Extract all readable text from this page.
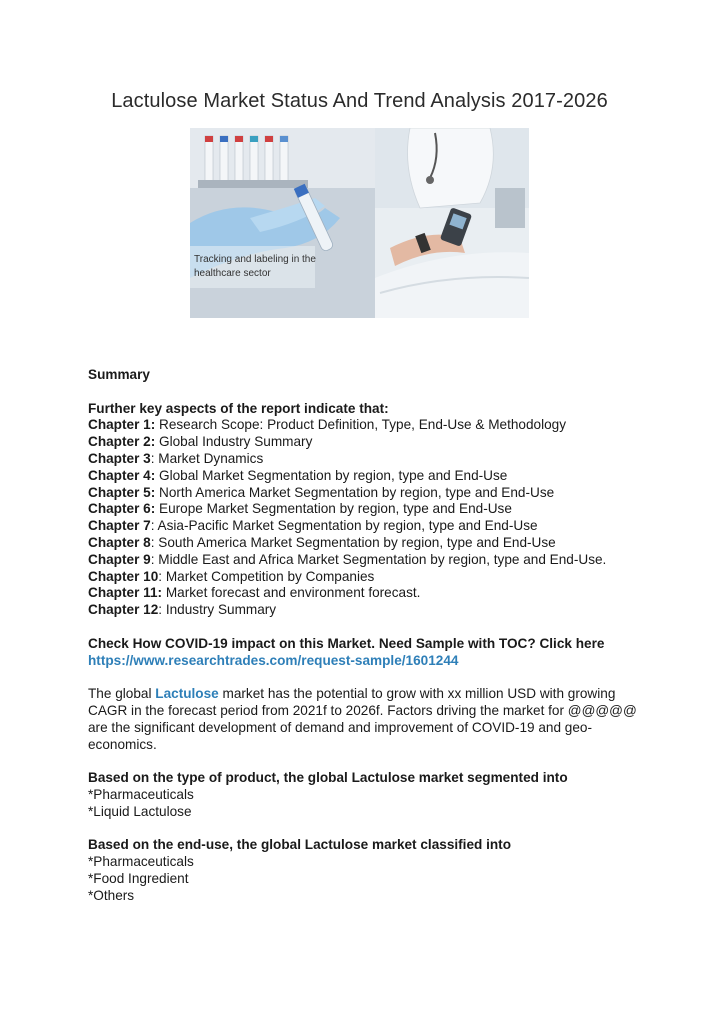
Lactulose Market Status And Trend Analysis 2017-2026
Tracking and labeling in the
healthcare sector

Summary

Further key aspects of the report indicate that:

Chapter 1: Research Scope: Product Definition, Type, End-Use & Methodology

Chapter 2: Global Industry Summary

Chapter 3: Market Dynamics

Chapter 4: Global Market Segmentation by region, type and End-Use

Chapter 5: North America Market Segmentation by region, type and End-Use

Chapter 6: Europe Market Segmentation by region, type and End-Use

Chapter 7: Asia-Pacific Market Segmentation by region, type and End-Use

Chapter 8: South America Market Segmentation by region, type and End-Use

Chapter 9: Middle East and Africa Market Segmentation by region, type and End-Use.

Chapter 10: Market Competition by Companies

Chapter 11: Market forecast and environment forecast.

Chapter 12: Industry Summary

Check How COVID-19 impact on this Market. Need Sample with TOC? Click here https://www.researchtrades.com/request-sample/1601244

The global Lactulose market has the potential to grow with xx million USD with growing CAGR in the forecast period from 2021f to 2026f. Factors driving the market for @@@@@ are the significant development of demand and improvement of COVID-19 and geo-economics.

Based on the type of product, the global Lactulose market segmented into

*Pharmaceuticals

*Liquid Lactulose

Based on the end-use, the global Lactulose market classified into

*Pharmaceuticals

*Food Ingredient

*Others
